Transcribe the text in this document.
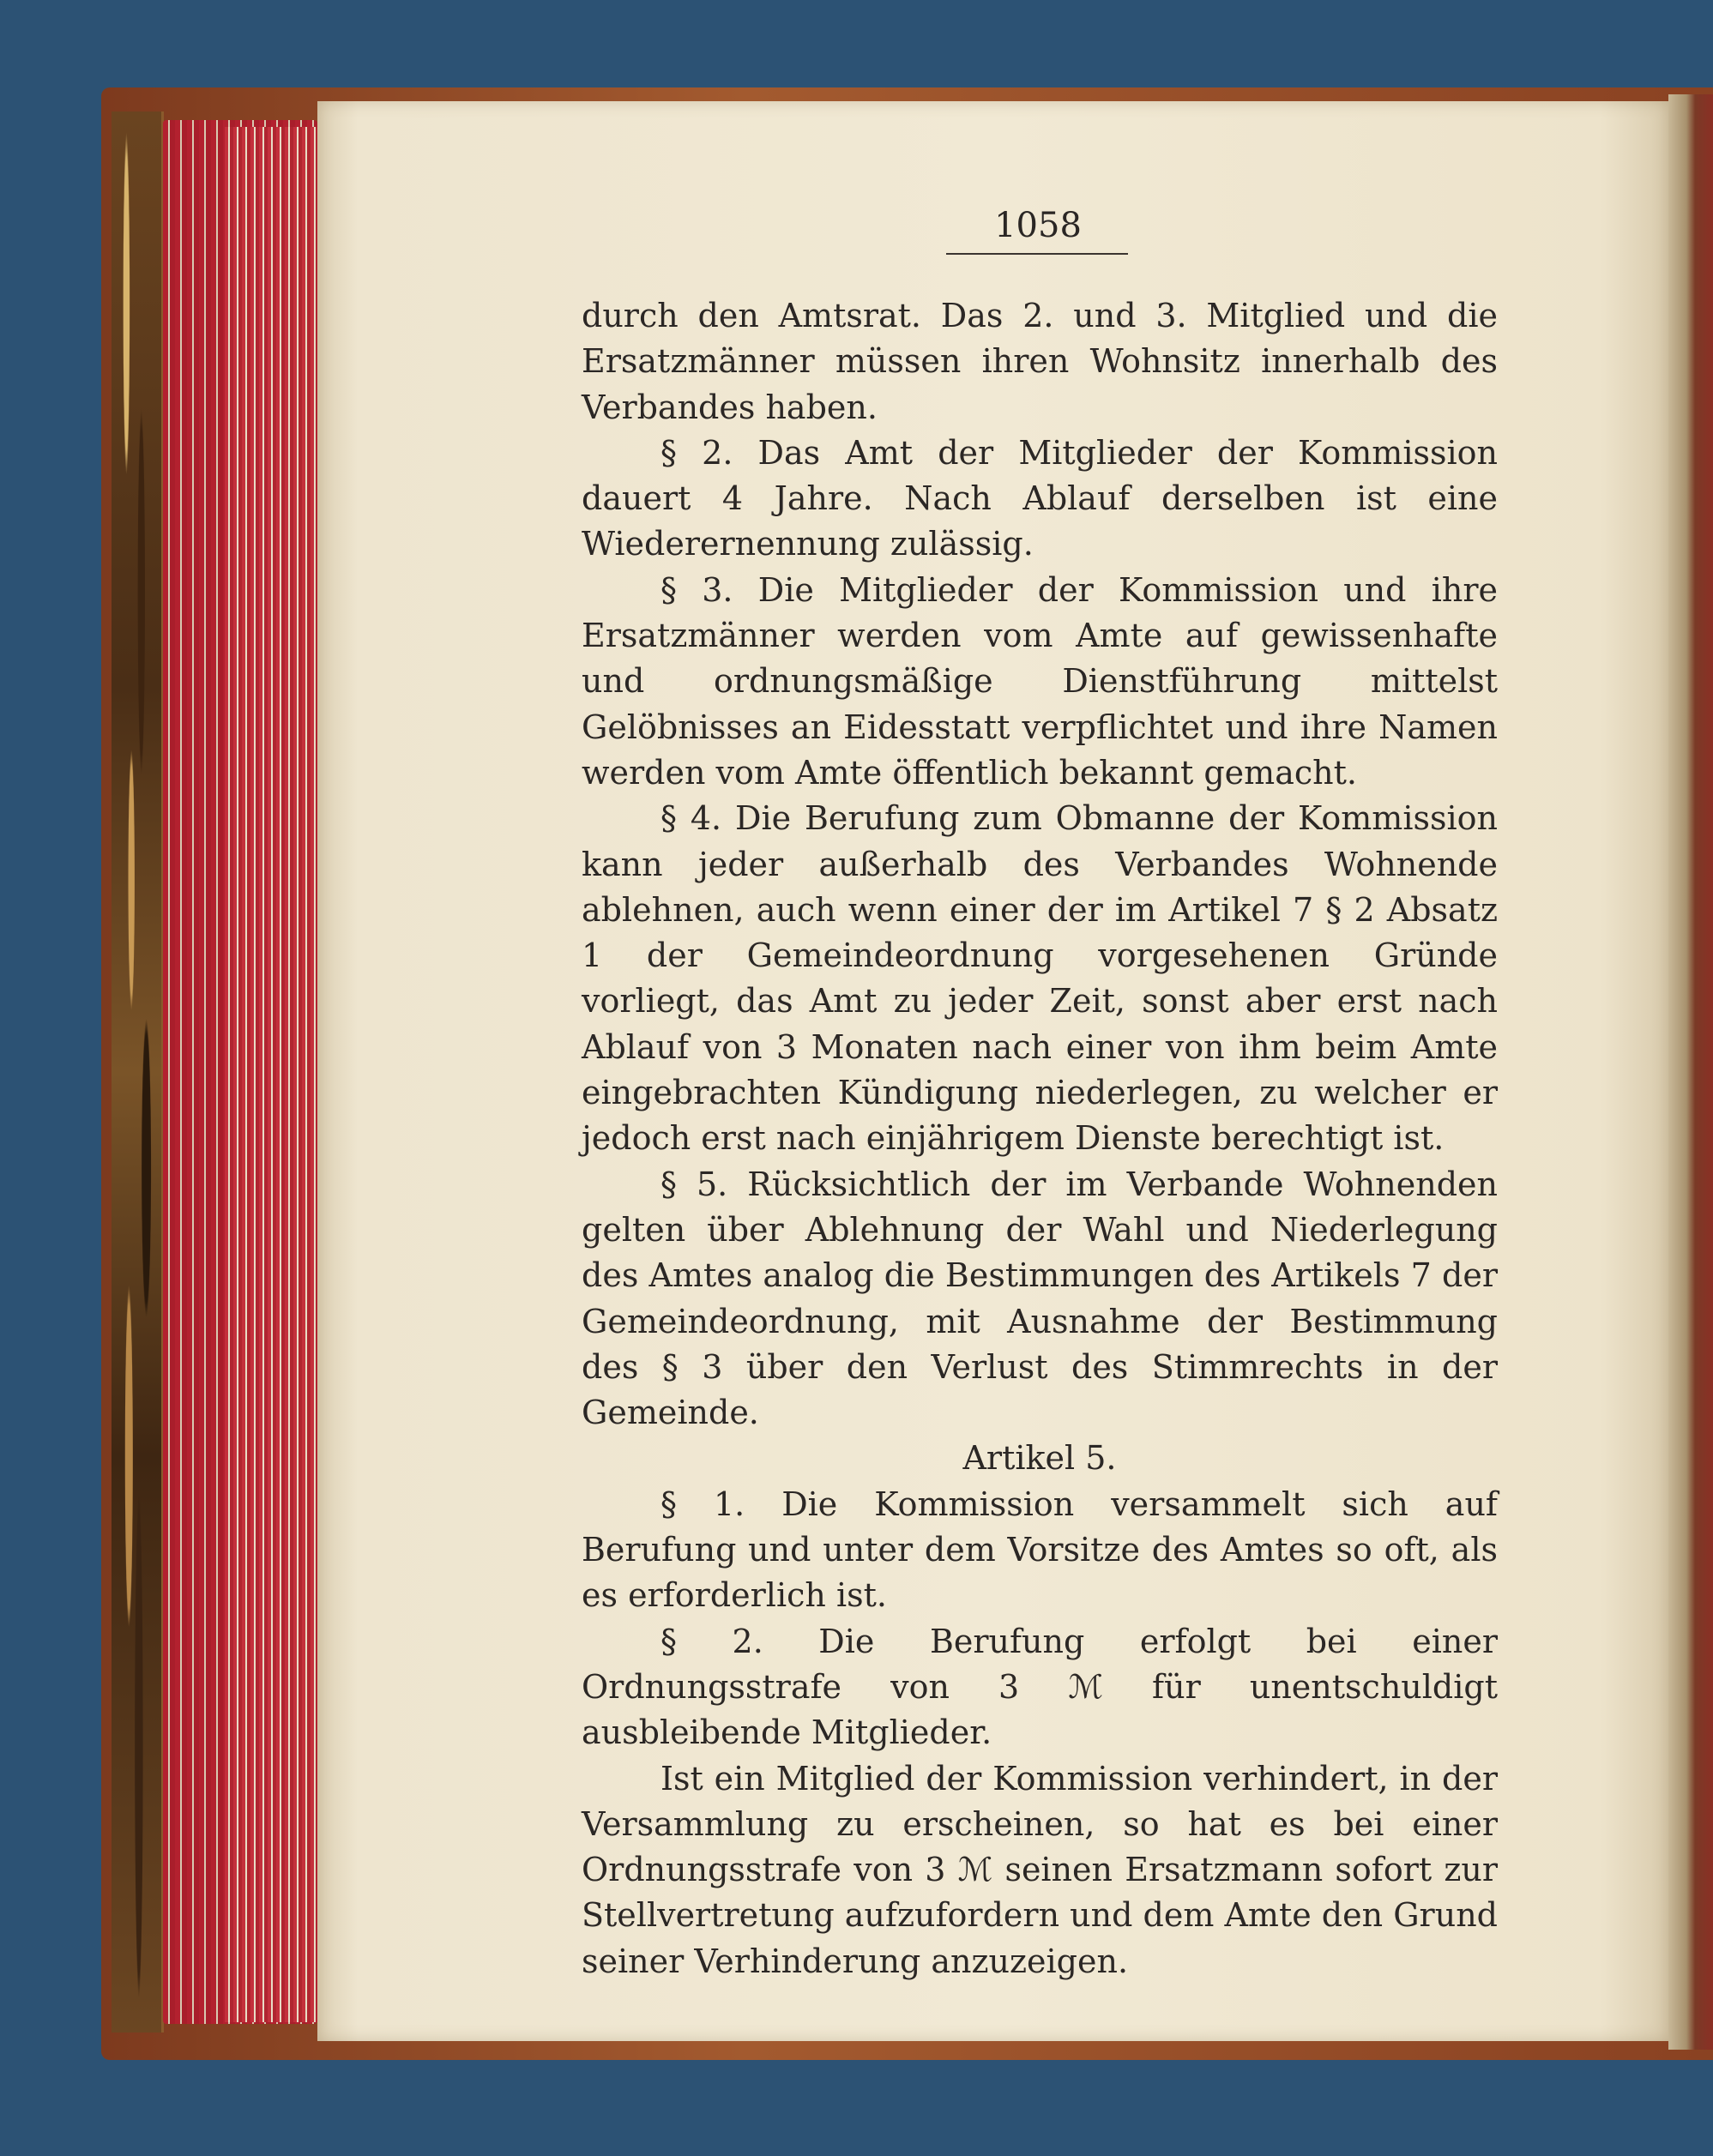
1058

durch den Amtsrat. Das 2. und 3. Mitglied und die Ersatzmänner müssen ihren Wohnsitz innerhalb des Verbandes haben.

§ 2. Das Amt der Mitglieder der Kommission dauert 4 Jahre. Nach Ablauf derselben ist eine Wiederernennung zulässig.

§ 3. Die Mitglieder der Kommission und ihre Ersatzmänner werden vom Amte auf gewissenhafte und ordnungsmäßige Dienstführung mittelst Gelöbnisses an Eidesstatt verpflichtet und ihre Namen werden vom Amte öffentlich bekannt gemacht.

§ 4. Die Berufung zum Obmanne der Kommission kann jeder außerhalb des Verbandes Wohnende ablehnen, auch wenn einer der im Artikel 7 § 2 Absatz 1 der Gemeindeordnung vorgesehenen Gründe vorliegt, das Amt zu jeder Zeit, sonst aber erst nach Ablauf von 3 Monaten nach einer von ihm beim Amte eingebrachten Kündigung niederlegen, zu welcher er jedoch erst nach einjährigem Dienste berechtigt ist.

§ 5. Rücksichtlich der im Verbande Wohnenden gelten über Ablehnung der Wahl und Niederlegung des Amtes analog die Bestimmungen des Artikels 7 der Gemeindeordnung, mit Ausnahme der Bestimmung des § 3 über den Verlust des Stimmrechts in der Gemeinde.

Artikel 5.

§ 1. Die Kommission versammelt sich auf Berufung und unter dem Vorsitze des Amtes so oft, als es erforderlich ist.

§ 2. Die Berufung erfolgt bei einer Ordnungsstrafe von 3 ℳ für unentschuldigt ausbleibende Mitglieder.

Ist ein Mitglied der Kommission verhindert, in der Versammlung zu erscheinen, so hat es bei einer Ordnungsstrafe von 3 ℳ seinen Ersatzmann sofort zur Stellvertretung aufzufordern und dem Amte den Grund seiner Verhinderung anzuzeigen.
